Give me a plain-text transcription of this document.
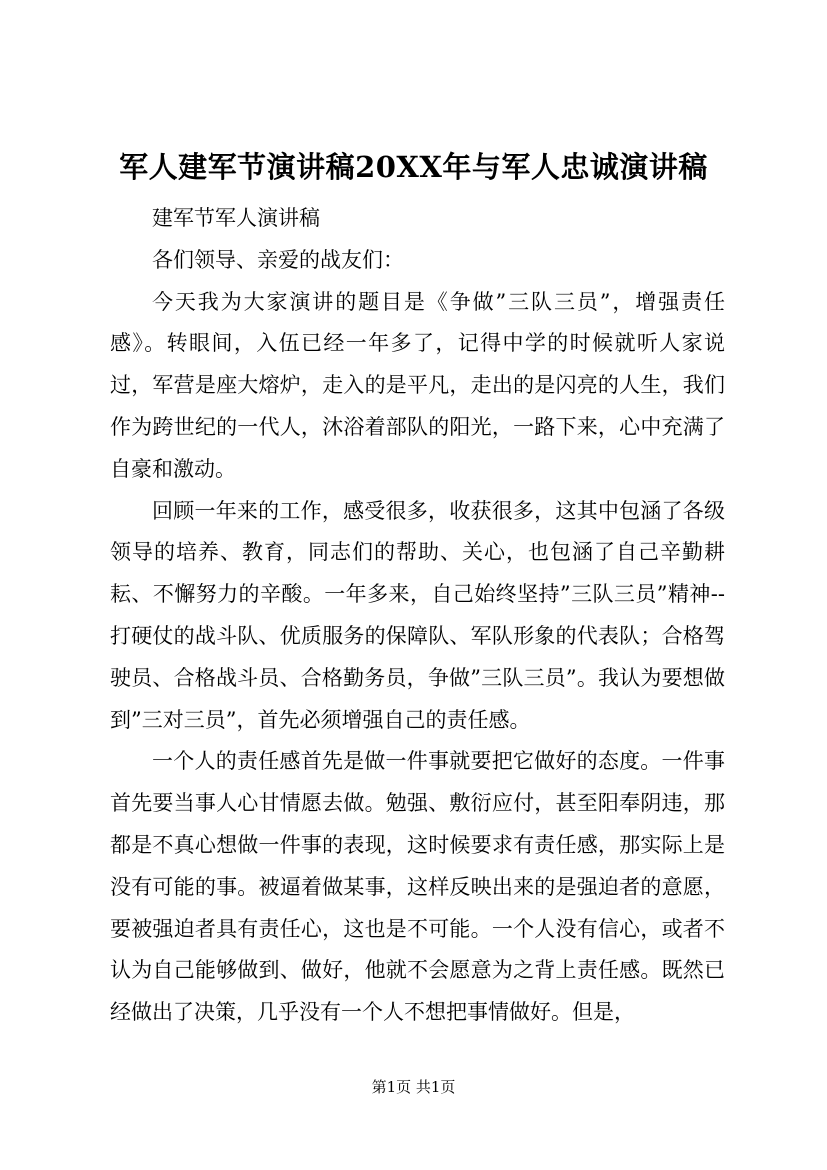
军人建军节演讲稿20XX年与军人忠诚演讲稿

建军节军人演讲稿

各们领导、亲爱的战友们：

今天我为大家演讲的题目是《争做”三队三员”，增强责任感》。转眼间，入伍已经一年多了，记得中学的时候就听人家说过，军营是座大熔炉，走入的是平凡，走出的是闪亮的人生，我们作为跨世纪的一代人，沐浴着部队的阳光，一路下来，心中充满了自豪和激动。

回顾一年来的工作，感受很多，收获很多，这其中包涵了各级领导的培养、教育，同志们的帮助、关心，也包涵了自己辛勤耕耘、不懈努力的辛酸。一年多来，自己始终坚持”三队三员”精神--打硬仗的战斗队、优质服务的保障队、军队形象的代表队；合格驾驶员、合格战斗员、合格勤务员，争做”三队三员”。我认为要想做到”三对三员”，首先必须增强自己的责任感。

一个人的责任感首先是做一件事就要把它做好的态度。一件事首先要当事人心甘情愿去做。勉强、敷衍应付，甚至阳奉阴违，那都是不真心想做一件事的表现，这时候要求有责任感，那实际上是没有可能的事。被逼着做某事，这样反映出来的是强迫者的意愿，要被强迫者具有责任心，这也是不可能。一个人没有信心，或者不认为自己能够做到、做好，他就不会愿意为之背上责任感。既然已经做出了决策，几乎没有一个人不想把事情做好。但是，

第1页 共1页
